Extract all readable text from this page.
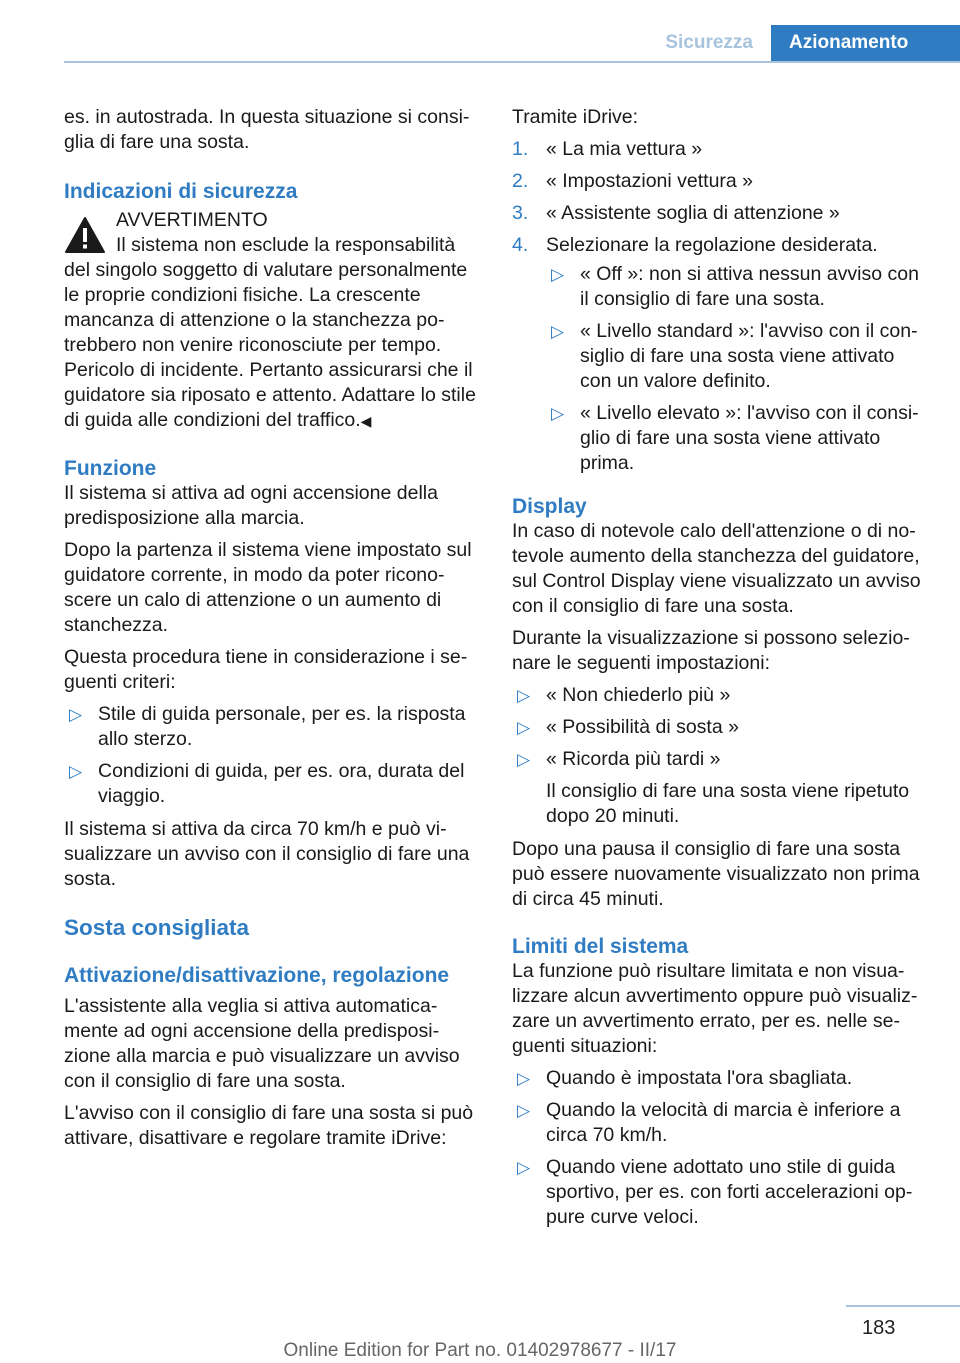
Sicurezza	Azionamento

es. in autostrada. In questa situazione si consi-glia di fare una sosta.

Indicazioni di sicurezza
AVVERTIMENTO
Il sistema non esclude la responsabilità
del singolo soggetto di valutare personalmente le proprie condizioni fisiche. La crescente mancanza di attenzione o la stanchezza po-trebbero non venire riconosciute per tempo. Pericolo di incidente. Pertanto assicurarsi che il guidatore sia riposato e attento. Adattare lo stile di guida alle condizioni del traffico.◀
Funzione

Il sistema si attiva ad ogni accensione della predisposizione alla marcia.

Dopo la partenza il sistema viene impostato sul guidatore corrente, in modo da poter ricono-scere un calo di attenzione o un aumento di stanchezza.

Questa procedura tiene in considerazione i se-guenti criteri:

▷ Stile di guida personale, per es. la risposta allo sterzo.
▷ Condizioni di guida, per es. ora, durata del viaggio.

Il sistema si attiva da circa 70 km/h e può vi-sualizzare un avviso con il consiglio di fare una sosta.

Sosta consigliata
Attivazione/disattivazione, regolazione

L'assistente alla veglia si attiva automatica-mente ad ogni accensione della predisposi-zione alla marcia e può visualizzare un avviso con il consiglio di fare una sosta.

L'avviso con il consiglio di fare una sosta si può attivare, disattivare e regolare tramite iDrive:

Tramite iDrive:

1. « La mia vettura »
2. « Impostazioni vettura »
3. « Assistente soglia di attenzione »
4. Selezionare la regolazione desiderata.
▷ « Off »: non si attiva nessun avviso con il consiglio di fare una sosta.
▷ « Livello standard »: l'avviso con il con-siglio di fare una sosta viene attivato con un valore definito.
▷ « Livello elevato »: l'avviso con il consi-glio di fare una sosta viene attivato prima.
Display

In caso di notevole calo dell'attenzione o di no-tevole aumento della stanchezza del guidatore, sul Control Display viene visualizzato un avviso con il consiglio di fare una sosta.

Durante la visualizzazione si possono selezio-nare le seguenti impostazioni:

▷ « Non chiederlo più »
▷ « Possibilità di sosta »
▷ « Ricorda più tardi »
Il consiglio di fare una sosta viene ripetuto dopo 20 minuti.

Dopo una pausa il consiglio di fare una sosta può essere nuovamente visualizzato non prima di circa 45 minuti.

Limiti del sistema

La funzione può risultare limitata e non visua-lizzare alcun avvertimento oppure può visualiz-zare un avvertimento errato, per es. nelle se-guenti situazioni:

▷ Quando è impostata l'ora sbagliata.
▷ Quando la velocità di marcia è inferiore a circa 70 km/h.
▷ Quando viene adottato uno stile di guida sportivo, per es. con forti accelerazioni op-pure curve veloci.
183
Online Edition for Part no. 01402978677 - II/17
